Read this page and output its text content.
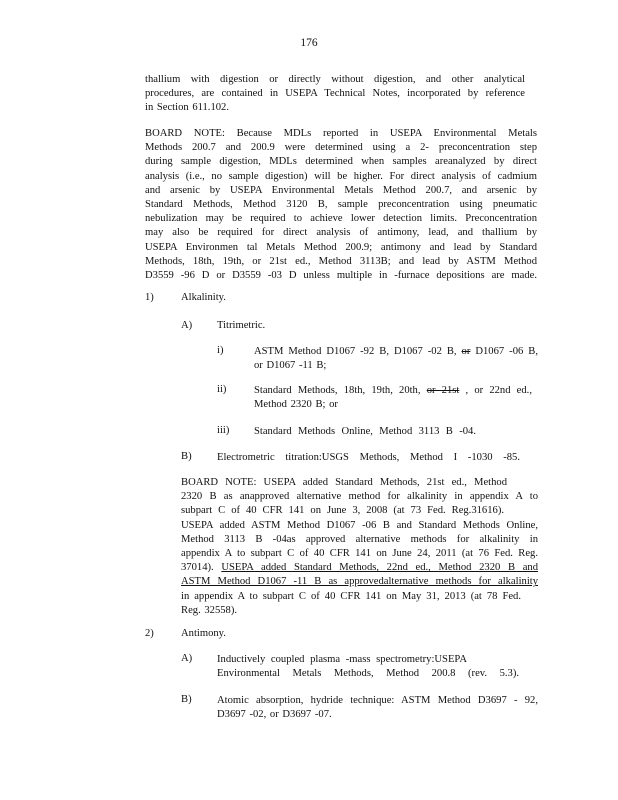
176
thallium with digestion or directly without digestion, and other analytical
procedures, are contained in USEPA Technical Notes, incorporated by reference
in Section 611.102.
BOARD NOTE: Because MDLs reported in USEPA Environmental Metals
Methods 200.7 and 200.9 were determined using a 2- preconcentration step
during sample digestion, MDLs determined when samples areanalyzed by direct
analysis (i.e., no sample digestion) will be higher. For direct analysis of cadmium
and arsenic by USEPA Environmental Metals Method 200.7, and arsenic by
Standard Methods, Method 3120 B, sample preconcentration using pneumatic
nebulization may be required to achieve lower detection limits. Preconcentration
may also be required for direct analysis of antimony, lead, and thallium by
USEPA Environmen tal Metals Method 200.9; antimony and lead by Standard
Methods, 18th, 19th, or 21st ed., Method 3113B; and lead by ASTM Method
D3559 -96 D or D3559 -03 D unless multiple in -furnace depositions are made.
1)	Alkalinity.
A) Titrimetric.
i)	ASTM Method D1067 -92 B, D1067 -02 B, or D1067 -06 B,
or D1067 -11 B;
ii)	Standard Methods, 18th, 19th, 20th, or 21st , or 22nd ed.,
Method 2320 B; or
iii) Standard Methods Online, Method 3113 B -04.
B) Electrometric titration:USGS Methods, Method I -1030 -85.
BOARD NOTE: USEPA added Standard Methods, 21st ed., Method
2320 B as anapproved alternative method for alkalinity in appendix A to
subpart C of 40 CFR 141 on June 3, 2008 (at 73 Fed. Reg.31616).
USEPA added ASTM Method D1067 -06 B and Standard Methods Online,
Method 3113 B -04as approved alternative methods for alkalinity in
appendix A to subpart C of 40 CFR 141 on June 24, 2011 (at 76 Fed. Reg.
37014). USEPA added Standard Methods, 22nd ed., Method 2320 B and
ASTM Method D1067 -11 B as approvedalternative methods for alkalinity
in appendix A to subpart C of 40 CFR 141 on May 31, 2013 (at 78 Fed.
Reg. 32558).
2)	Antimony.
A) Inductively coupled plasma -mass spectrometry:USEPA
Environmental Metals Methods, Method 200.8 (rev. 5.3).
B) Atomic absorption, hydride technique: ASTM Method D3697 - 92,
D3697 -02, or D3697 -07.
